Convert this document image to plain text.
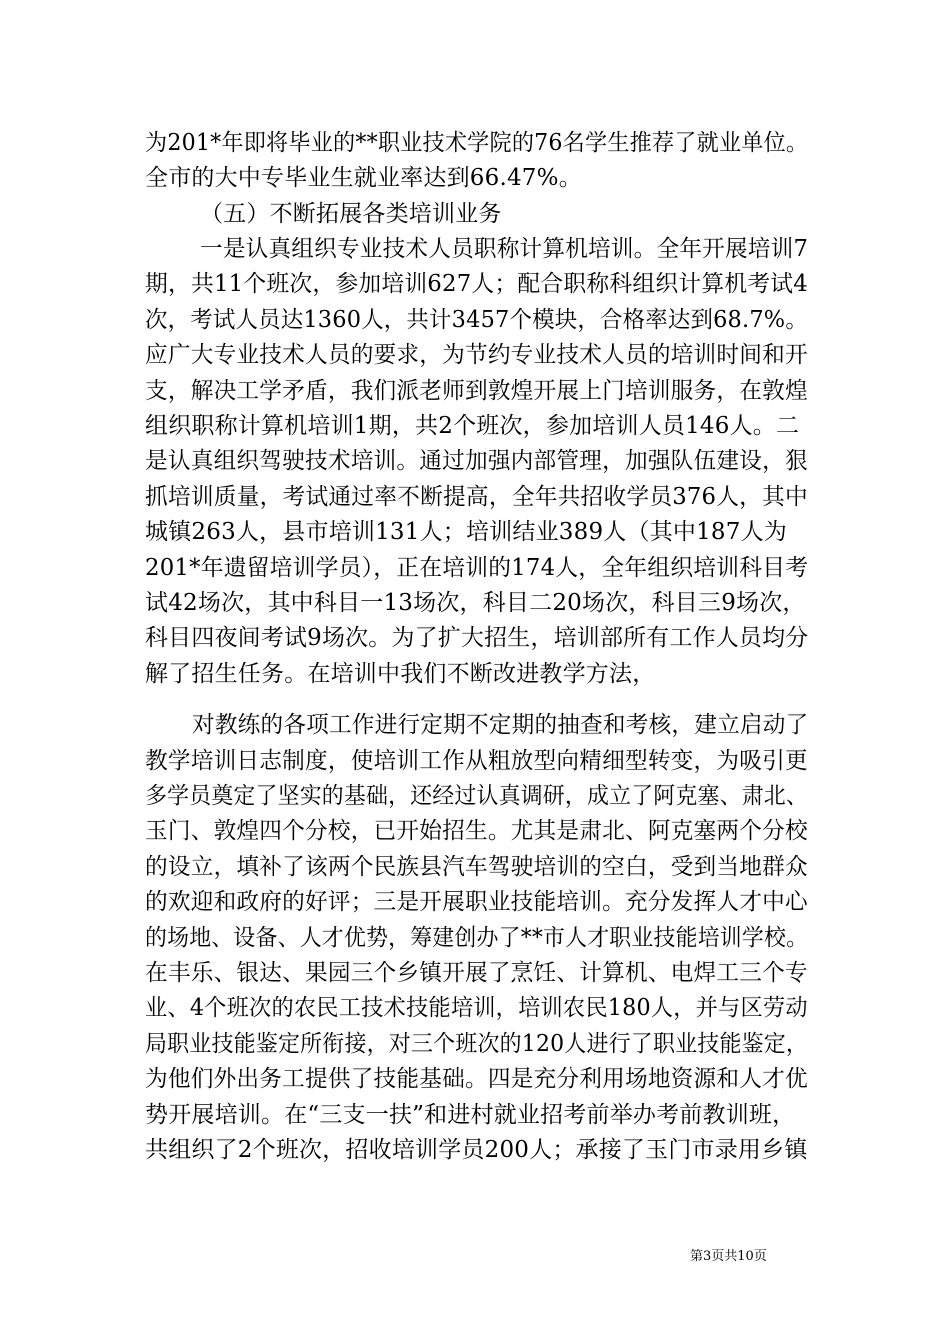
为201*年即将毕业的**职业技术学院的76名学生推荐了就业单位。
全市的大中专毕业生就业率达到66.47%。
（五）不断拓展各类培训业务
一是认真组织专业技术人员职称计算机培训。全年开展培训7
期，共11个班次，参加培训627人；配合职称科组织计算机考试4
次，考试人员达1360人，共计3457个模块，合格率达到68.7%。
应广大专业技术人员的要求，为节约专业技术人员的培训时间和开
支，解决工学矛盾，我们派老师到敦煌开展上门培训服务，在敦煌
组织职称计算机培训1期，共2个班次，参加培训人员146人。二
是认真组织驾驶技术培训。通过加强内部管理，加强队伍建设，狠
抓培训质量，考试通过率不断提高，全年共招收学员376人，其中
城镇263人，县市培训131人；培训结业389人（其中187人为
201*年遗留培训学员），正在培训的174人，全年组织培训科目考
试42场次，其中科目一13场次，科目二20场次，科目三9场次，
科目四夜间考试9场次。为了扩大招生，培训部所有工作人员均分
解了招生任务。在培训中我们不断改进教学方法，
对教练的各项工作进行定期不定期的抽查和考核，建立启动了
教学培训日志制度，使培训工作从粗放型向精细型转变，为吸引更
多学员奠定了坚实的基础，还经过认真调研，成立了阿克塞、肃北、
玉门、敦煌四个分校，已开始招生。尤其是肃北、阿克塞两个分校
的设立，填补了该两个民族县汽车驾驶培训的空白，受到当地群众
的欢迎和政府的好评；三是开展职业技能培训。充分发挥人才中心
的场地、设备、人才优势，筹建创办了**市人才职业技能培训学校。
在丰乐、银达、果园三个乡镇开展了烹饪、计算机、电焊工三个专
业、4个班次的农民工技术技能培训，培训农民180人，并与区劳动
局职业技能鉴定所衔接，对三个班次的120人进行了职业技能鉴定，
为他们外出务工提供了技能基础。四是充分利用场地资源和人才优
势开展培训。在“三支一扶”和进村就业招考前举办考前教训班，
共组织了2个班次，招收培训学员200人；承接了玉门市录用乡镇
第3页共10页
